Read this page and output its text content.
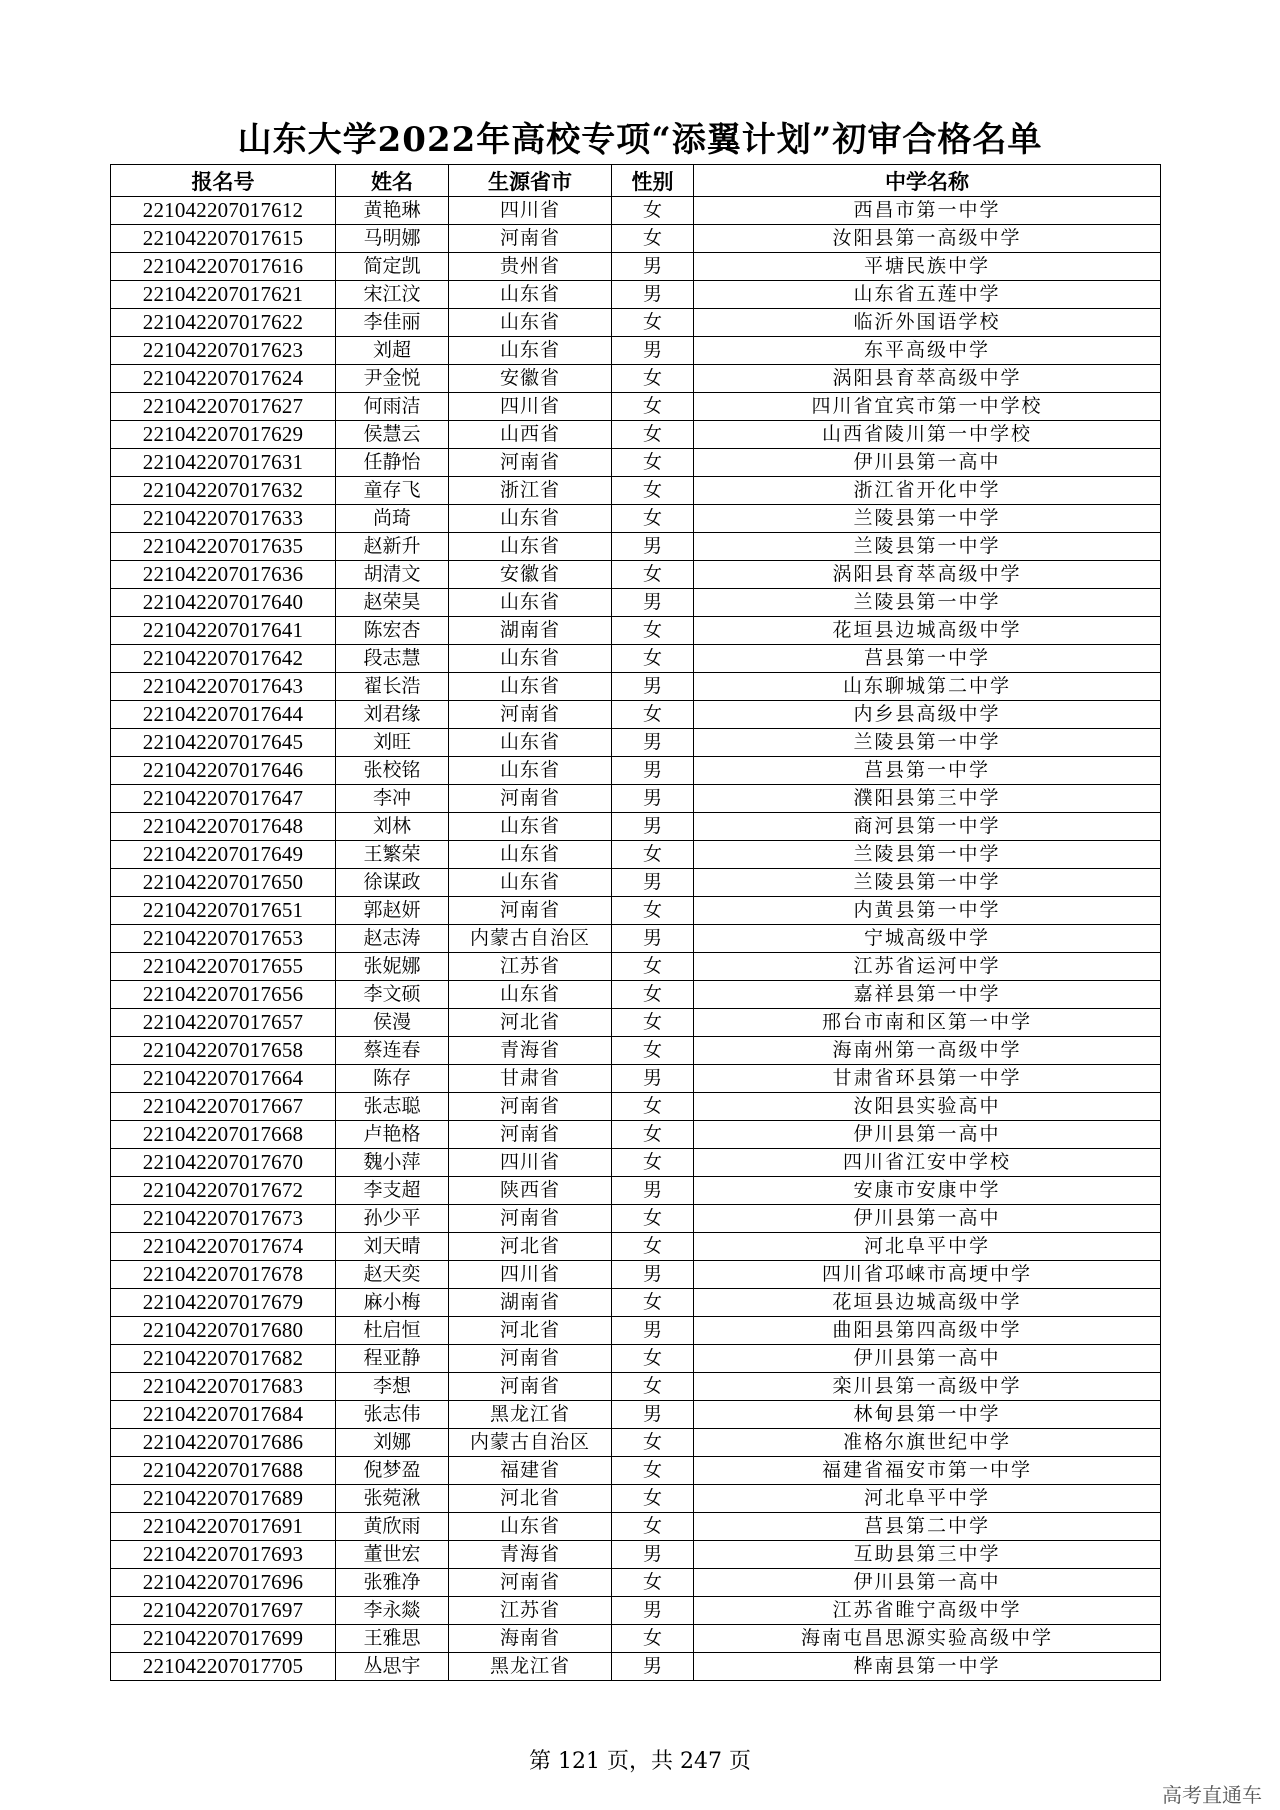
山东大学2022年高校专项“添翼计划”初审合格名单
报名号	姓名	生源省市	性别	中学名称
221042207017612	黄艳琳	四川省	女	西昌市第一中学
221042207017615	马明娜	河南省	女	汝阳县第一高级中学
221042207017616	简定凯	贵州省	男	平塘民族中学
221042207017621	宋江汶	山东省	男	山东省五莲中学
221042207017622	李佳丽	山东省	女	临沂外国语学校
221042207017623	刘超	山东省	男	东平高级中学
221042207017624	尹金悦	安徽省	女	涡阳县育萃高级中学
221042207017627	何雨洁	四川省	女	四川省宜宾市第一中学校
221042207017629	侯慧云	山西省	女	山西省陵川第一中学校
221042207017631	任静怡	河南省	女	伊川县第一高中
221042207017632	童存飞	浙江省	女	浙江省开化中学
221042207017633	尚琦	山东省	女	兰陵县第一中学
221042207017635	赵新升	山东省	男	兰陵县第一中学
221042207017636	胡清文	安徽省	女	涡阳县育萃高级中学
221042207017640	赵荣昊	山东省	男	兰陵县第一中学
221042207017641	陈宏杏	湖南省	女	花垣县边城高级中学
221042207017642	段志慧	山东省	女	莒县第一中学
221042207017643	翟长浩	山东省	男	山东聊城第二中学
221042207017644	刘君缘	河南省	女	内乡县高级中学
221042207017645	刘旺	山东省	男	兰陵县第一中学
221042207017646	张校铭	山东省	男	莒县第一中学
221042207017647	李冲	河南省	男	濮阳县第三中学
221042207017648	刘林	山东省	男	商河县第一中学
221042207017649	王繁荣	山东省	女	兰陵县第一中学
221042207017650	徐谋政	山东省	男	兰陵县第一中学
221042207017651	郭赵妍	河南省	女	内黄县第一中学
221042207017653	赵志涛	内蒙古自治区	男	宁城高级中学
221042207017655	张妮娜	江苏省	女	江苏省运河中学
221042207017656	李文硕	山东省	女	嘉祥县第一中学
221042207017657	侯漫	河北省	女	邢台市南和区第一中学
221042207017658	蔡连春	青海省	女	海南州第一高级中学
221042207017664	陈存	甘肃省	男	甘肃省环县第一中学
221042207017667	张志聪	河南省	女	汝阳县实验高中
221042207017668	卢艳格	河南省	女	伊川县第一高中
221042207017670	魏小萍	四川省	女	四川省江安中学校
221042207017672	李支超	陕西省	男	安康市安康中学
221042207017673	孙少平	河南省	女	伊川县第一高中
221042207017674	刘天晴	河北省	女	河北阜平中学
221042207017678	赵天奕	四川省	男	四川省邛崃市高埂中学
221042207017679	麻小梅	湖南省	女	花垣县边城高级中学
221042207017680	杜启恒	河北省	男	曲阳县第四高级中学
221042207017682	程亚静	河南省	女	伊川县第一高中
221042207017683	李想	河南省	女	栾川县第一高级中学
221042207017684	张志伟	黑龙江省	男	林甸县第一中学
221042207017686	刘娜	内蒙古自治区	女	准格尔旗世纪中学
221042207017688	倪梦盈	福建省	女	福建省福安市第一中学
221042207017689	张菀湫	河北省	女	河北阜平中学
221042207017691	黄欣雨	山东省	女	莒县第二中学
221042207017693	董世宏	青海省	男	互助县第三中学
221042207017696	张雅净	河南省	女	伊川县第一高中
221042207017697	李永燚	江苏省	男	江苏省睢宁高级中学
221042207017699	王雅思	海南省	女	海南屯昌思源实验高级中学
221042207017705	丛思宇	黑龙江省	男	桦南县第一中学
第 121 页，共 247 页
高考直通车
